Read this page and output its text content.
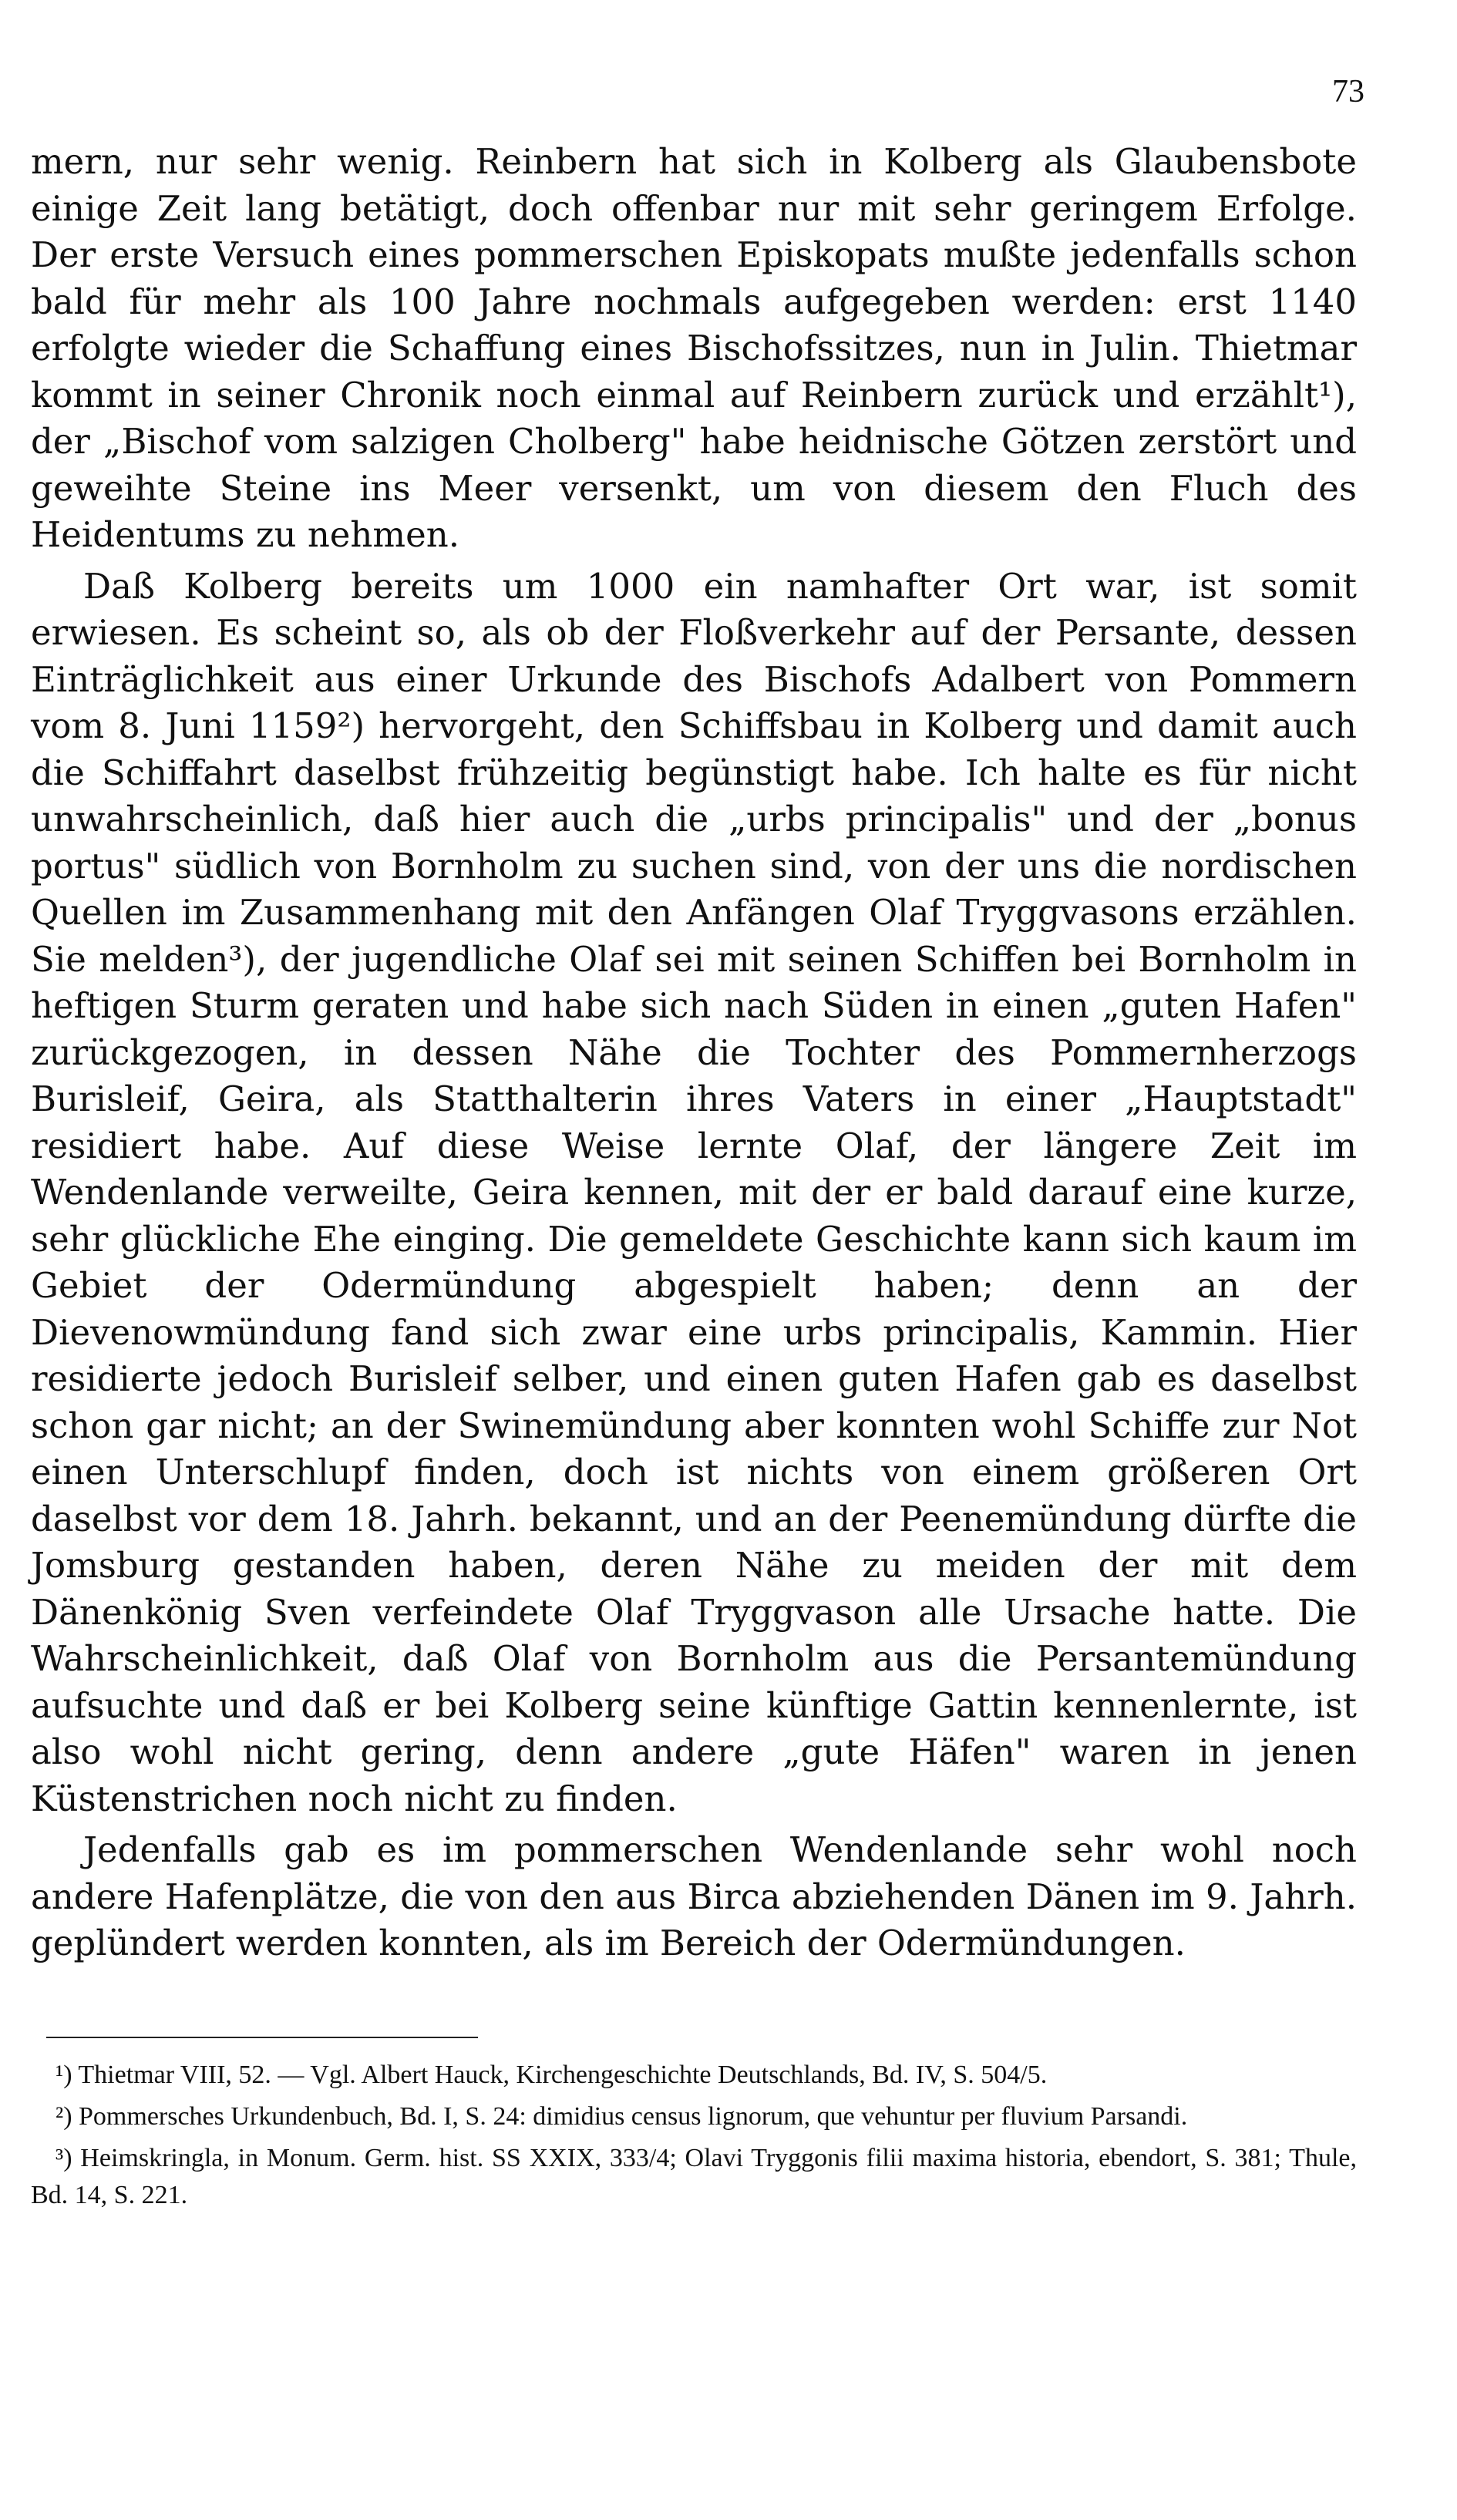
73

mern, nur sehr wenig. Reinbern hat sich in Kolberg als Glaubensbote einige Zeit lang betätigt, doch offenbar nur mit sehr geringem Erfolge. Der erste Versuch eines pommerschen Episkopats mußte jedenfalls schon bald für mehr als 100 Jahre nochmals aufgegeben werden: erst 1140 erfolgte wieder die Schaffung eines Bischofssitzes, nun in Julin. Thietmar kommt in seiner Chronik noch einmal auf Reinbern zurück und erzählt¹), der „Bischof vom salzigen Cholberg" habe heidnische Götzen zerstört und geweihte Steine ins Meer versenkt, um von diesem den Fluch des Heidentums zu nehmen.

Daß Kolberg bereits um 1000 ein namhafter Ort war, ist somit erwiesen. Es scheint so, als ob der Floßverkehr auf der Persante, dessen Einträglichkeit aus einer Urkunde des Bischofs Adalbert von Pommern vom 8. Juni 1159²) hervorgeht, den Schiffsbau in Kolberg und damit auch die Schiffahrt daselbst frühzeitig begünstigt habe. Ich halte es für nicht unwahrscheinlich, daß hier auch die „urbs principalis" und der „bonus portus" südlich von Bornholm zu suchen sind, von der uns die nordischen Quellen im Zusammenhang mit den Anfängen Olaf Tryggvasons erzählen. Sie melden³), der jugendliche Olaf sei mit seinen Schiffen bei Bornholm in heftigen Sturm geraten und habe sich nach Süden in einen „guten Hafen" zurückgezogen, in dessen Nähe die Tochter des Pommernherzogs Burisleif, Geira, als Statthalterin ihres Vaters in einer „Hauptstadt" residiert habe. Auf diese Weise lernte Olaf, der längere Zeit im Wendenlande verweilte, Geira kennen, mit der er bald darauf eine kurze, sehr glückliche Ehe einging. Die gemeldete Geschichte kann sich kaum im Gebiet der Odermündung abgespielt haben; denn an der Dievenowmündung fand sich zwar eine urbs principalis, Kammin. Hier residierte jedoch Burisleif selber, und einen guten Hafen gab es daselbst schon gar nicht; an der Swinemündung aber konnten wohl Schiffe zur Not einen Unterschlupf finden, doch ist nichts von einem größeren Ort daselbst vor dem 18. Jahrh. bekannt, und an der Peenemündung dürfte die Jomsburg gestanden haben, deren Nähe zu meiden der mit dem Dänenkönig Sven verfeindete Olaf Tryggvason alle Ursache hatte. Die Wahrscheinlichkeit, daß Olaf von Bornholm aus die Persantemündung aufsuchte und daß er bei Kolberg seine künftige Gattin kennenlernte, ist also wohl nicht gering, denn andere „gute Häfen" waren in jenen Küstenstrichen noch nicht zu finden.

Jedenfalls gab es im pommerschen Wendenlande sehr wohl noch andere Hafenplätze, die von den aus Birca abziehenden Dänen im 9. Jahrh. geplündert werden konnten, als im Bereich der Odermündungen.

¹) Thietmar VIII, 52. — Vgl. Albert Hauck, Kirchengeschichte Deutschlands, Bd. IV, S. 504/5.

²) Pommersches Urkundenbuch, Bd. I, S. 24: dimidius census lignorum, que vehuntur per fluvium Parsandi.

³) Heimskringla, in Monum. Germ. hist. SS XXIX, 333/4; Olavi Tryggonis filii maxima historia, ebendort, S. 381; Thule, Bd. 14, S. 221.
